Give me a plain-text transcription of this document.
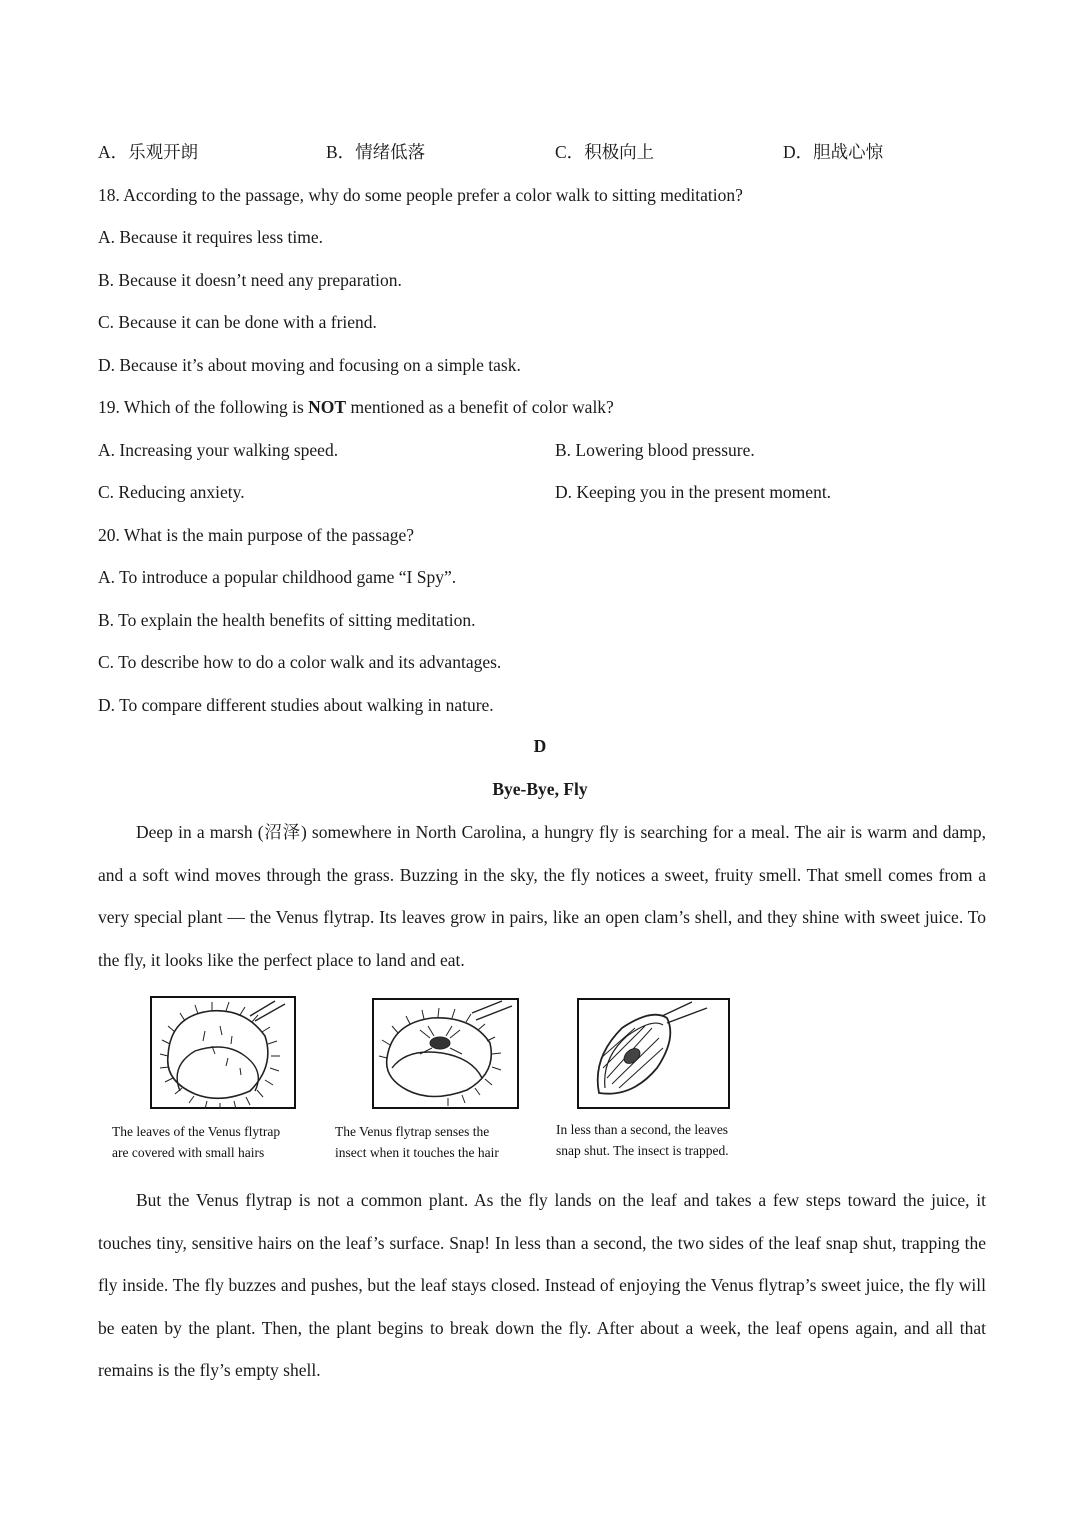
A．乐观开朗	B．情绪低落	C．积极向上	D．胆战心惊
18. According to the passage, why do some people prefer a color walk to sitting meditation?
A. Because it requires less time.
B. Because it doesn’t need any preparation.
C. Because it can be done with a friend.
D. Because it’s about moving and focusing on a simple task.
19. Which of the following is NOT mentioned as a benefit of color walk?
A. Increasing your walking speed.	B. Lowering blood pressure.
C. Reducing anxiety.	D. Keeping you in the present moment.
20. What is the main purpose of the passage?
A. To introduce a popular childhood game “I Spy”.
B. To explain the health benefits of sitting meditation.
C. To describe how to do a color walk and its advantages.
D. To compare different studies about walking in nature.
D
Bye-Bye, Fly

Deep in a marsh (沼泽) somewhere in North Carolina, a hungry fly is searching for a meal. The air is warm and damp, and a soft wind moves through the grass. Buzzing in the sky, the fly notices a sweet, fruity smell. That smell comes from a very special plant — the Venus flytrap. Its leaves grow in pairs, like an open clam’s shell, and they shine with sweet juice. To the fly, it looks like the perfect place to land and eat.

The leaves of the Venus flytrap
are covered with small hairs
The Venus flytrap senses the
insect when it touches the hair
In less than a second, the leaves
snap shut. The insect is trapped.

But the Venus flytrap is not a common plant. As the fly lands on the leaf and takes a few steps toward the juice, it touches tiny, sensitive hairs on the leaf’s surface. Snap! In less than a second, the two sides of the leaf snap shut, trapping the fly inside. The fly buzzes and pushes, but the leaf stays closed. Instead of enjoying the Venus flytrap’s sweet juice, the fly will be eaten by the plant. Then, the plant begins to break down the fly. After about a week, the leaf opens again, and all that remains is the fly’s empty shell.
